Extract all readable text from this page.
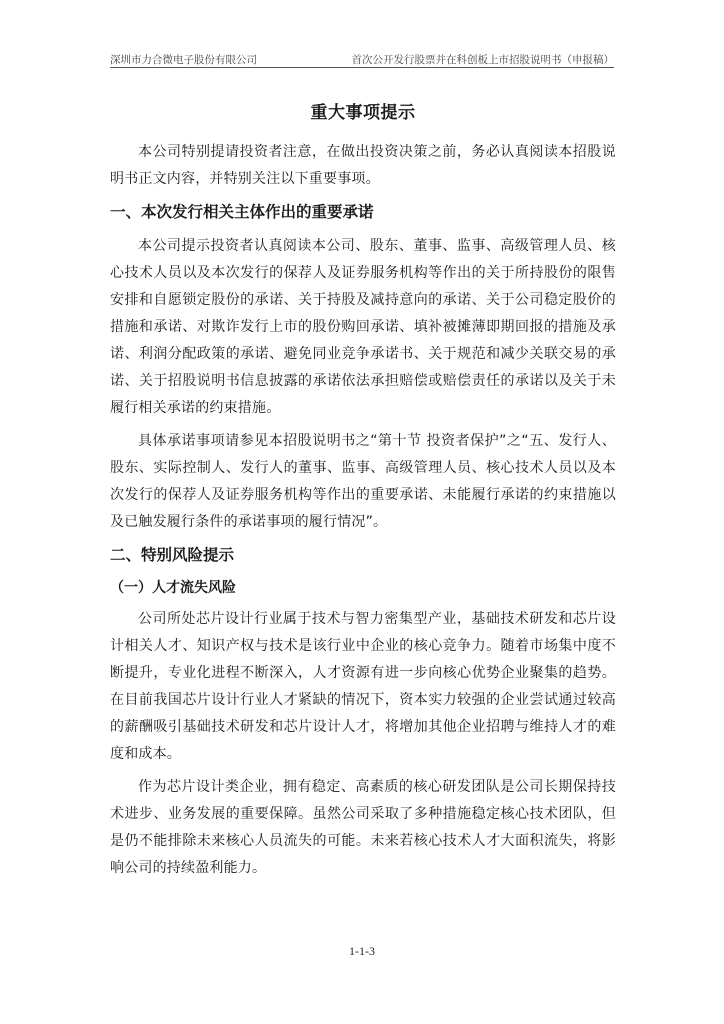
深圳市力合微电子股份有限公司	首次公开发行股票并在科创板上市招股说明书（申报稿）
重大事项提示

本公司特别提请投资者注意，在做出投资决策之前，务必认真阅读本招股说明书正文内容，并特别关注以下重要事项。

一、本次发行相关主体作出的重要承诺

本公司提示投资者认真阅读本公司、股东、董事、监事、高级管理人员、核心技术人员以及本次发行的保荐人及证券服务机构等作出的关于所持股份的限售安排和自愿锁定股份的承诺、关于持股及减持意向的承诺、关于公司稳定股价的措施和承诺、对欺诈发行上市的股份购回承诺、填补被摊薄即期回报的措施及承诺、利润分配政策的承诺、避免同业竞争承诺书、关于规范和减少关联交易的承诺、关于招股说明书信息披露的承诺依法承担赔偿或赔偿责任的承诺以及关于未履行相关承诺的约束措施。

具体承诺事项请参见本招股说明书之“第十节 投资者保护”之“五、发行人、股东、实际控制人、发行人的董事、监事、高级管理人员、核心技术人员以及本次发行的保荐人及证券服务机构等作出的重要承诺、未能履行承诺的约束措施以及已触发履行条件的承诺事项的履行情况”。

二、特别风险提示
（一）人才流失风险

公司所处芯片设计行业属于技术与智力密集型产业，基础技术研发和芯片设计相关人才、知识产权与技术是该行业中企业的核心竞争力。随着市场集中度不断提升，专业化进程不断深入，人才资源有进一步向核心优势企业聚集的趋势。在目前我国芯片设计行业人才紧缺的情况下，资本实力较强的企业尝试通过较高的薪酬吸引基础技术研发和芯片设计人才，将增加其他企业招聘与维持人才的难度和成本。

作为芯片设计类企业，拥有稳定、高素质的核心研发团队是公司长期保持技术进步、业务发展的重要保障。虽然公司采取了多种措施稳定核心技术团队，但是仍不能排除未来核心人员流失的可能。未来若核心技术人才大面积流失，将影响公司的持续盈利能力。

1-1-3
